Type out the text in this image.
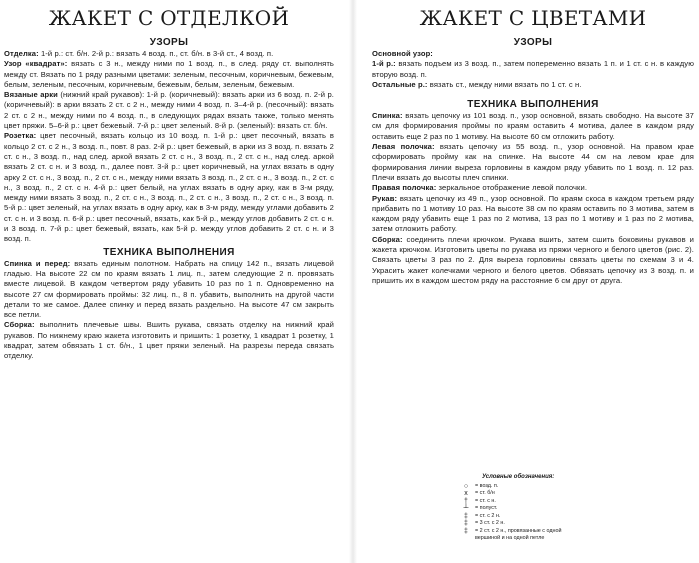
ЖАКЕТ С ОТДЕЛКОЙ
УЗОРЫ

Отделка: 1-й р.: ст. б/н. 2-й р.: вязать 4 возд. п., ст. б/н. в 3-й ст., 4 возд. п.

Узор «квадрат»: вязать с 3 н., между ними по 1 возд. п., в след. ряду ст. выполнять между ст. Вязать по 1 ряду разными цветами: зеленым, песочным, коричневым, бежевым, белым, зеленым, песочным, коричневым, бежевым, белым, зеленым, бежевым.

Вязаные арки (нижний край рукавов): 1-й р. (коричневый): вязать арки из 6 возд. п. 2-й р. (коричневый): в арки вязать 2 ст. с 2 н., между ними 4 возд. п. 3–4-й р. (песочный): вязать 2 ст. с 2 н., между ними по 4 возд. п., в следующих рядах вязать также, только менять цвет пряжи. 5–6-й р.: цвет бежевый. 7-й р.: цвет зеленый. 8-й р. (зеленый): вязать ст. б/н.

Розетка: цвет песочный, вязать кольцо из 10 возд. п. 1-й р.: цвет песочный, вязать в кольцо 2 ст. с 2 н., 3 возд. п., повт. 8 раз. 2-й р.: цвет бежевый, в арки из 3 возд. п. вязать 2 ст. с н., 3 возд. п., над след. аркой вязать 2 ст. с н., 3 возд. п., 2 ст. с н., над след. аркой вязать 2 ст. с н. и 3 возд. п., далее повт. 3-й р.: цвет коричневый, на углах вязать в одну арку 2 ст. с н., 3 возд. п., 2 ст. с н., между ними вязать 3 возд. п., 2 ст. с н., 3 возд. п., 2 ст. с н., 3 возд. п., 2 ст. с н. 4-й р.: цвет белый, на углах вязать в одну арку, как в 3-м ряду, между ними вязать 3 возд. п., 2 ст. с н., 3 возд. п., 2 ст. с н., 3 возд. п., 2 ст. с н., 3 возд. п. 5-й р.: цвет зеленый, на углах вязать в одну арку, как в 3-м ряду, между углами добавить 2 ст. с н. и 3 возд. п. 6-й р.: цвет песочный, вязать, как 5-й р., между углов добавить 2 ст. с н. и 3 возд. п. 7-й р.: цвет бежевый, вязать, как 5-й р. между углов добавить 2 ст. с н. и 3 возд. п.

ТЕХНИКА ВЫПОЛНЕНИЯ

Спинка и перед: вязать единым полотном. Набрать на спицу 142 п., вязать лицевой гладью. На высоте 22 см по краям вязать 1 лиц. п., затем следующие 2 п. провязать вместе лицевой. В каждом четвертом ряду убавить 10 раз по 1 п. Одновременно на высоте 27 см формировать проймы: 32 лиц. п., 8 п. убавить, выполнить на другой части детали то же самое. Далее спинку и перед вязать раздельно. На высоте 47 см закрыть все петли.

Сборка: выполнить плечевые швы. Вшить рукава, связать отделку на нижний край рукавов. По нижнему краю жакета изготовить и пришить: 1 розетку, 1 квадрат 1 розетку, 1 квадрат, затем обвязать 1 ст. б/н., 1 цвет пряжи зеленый. На разрезы переда связать отделку.

ЖАКЕТ С ЦВЕТАМИ
УЗОРЫ

Основной узор:

1-й р.: вязать подъем из 3 возд. п., затем попеременно вязать 1 п. и 1 ст. с н. в каждую вторую возд. п.

Остальные р.: вязать ст., между ними вязать по 1 ст. с н.

ТЕХНИКА ВЫПОЛНЕНИЯ

Спинка: вязать цепочку из 101 возд. п., узор основной, вязать свободно. На высоте 37 см для формирования проймы по краям оставить 4 мотива, далее в каждом ряду оставить еще 2 раз по 1 мотиву. На высоте 60 см отложить работу.

Левая полочка: вязать цепочку из 55 возд. п., узор основной. На правом крае сформировать пройму как на спинке. На высоте 44 см на левом крае для формирования линии выреза горловины в каждом ряду убавить по 1 возд. п. 12 раз. Плечи вязать до высоты плеч спинки.

Правая полочка: зеркальное отображение левой полочки.

Рукав: вязать цепочку из 49 п., узор основной. По краям скоса в каждом третьем ряду прибавить по 1 мотиву 10 раз. На высоте 38 см по краям оставить по 3 мотива, затем в каждом ряду убавить еще 1 раз по 2 мотива, 13 раз по 1 мотиву и 1 раз по 2 мотива, затем отложить работу.

Сборка: соединить плечи крючком. Рукава вшить, затем сшить боковины рукавов и жакета крючком. Изготовить цветы по рукава из пряжи черного и белого цветов (рис. 2). Связать цветы 3 раз по 2. Для выреза горловины связать цветы по схемам 3 и 4. Украсить жакет колечками черного и белого цветов. Обвязать цепочку из 3 возд. п. и пришить их в каждом шестом ряду на расстояние 6 см друг от друга.

Условные обозначения:
○	= возд. п.
x	= ст. б/н
†	= ст. с н.
┴	= полуст.
‡	= ст. с 2 н.
‡	= 3 ст. с 2 н.
‡	= 2 ст. с 2 н., провязанные с одной
вершиной и на одной петле
